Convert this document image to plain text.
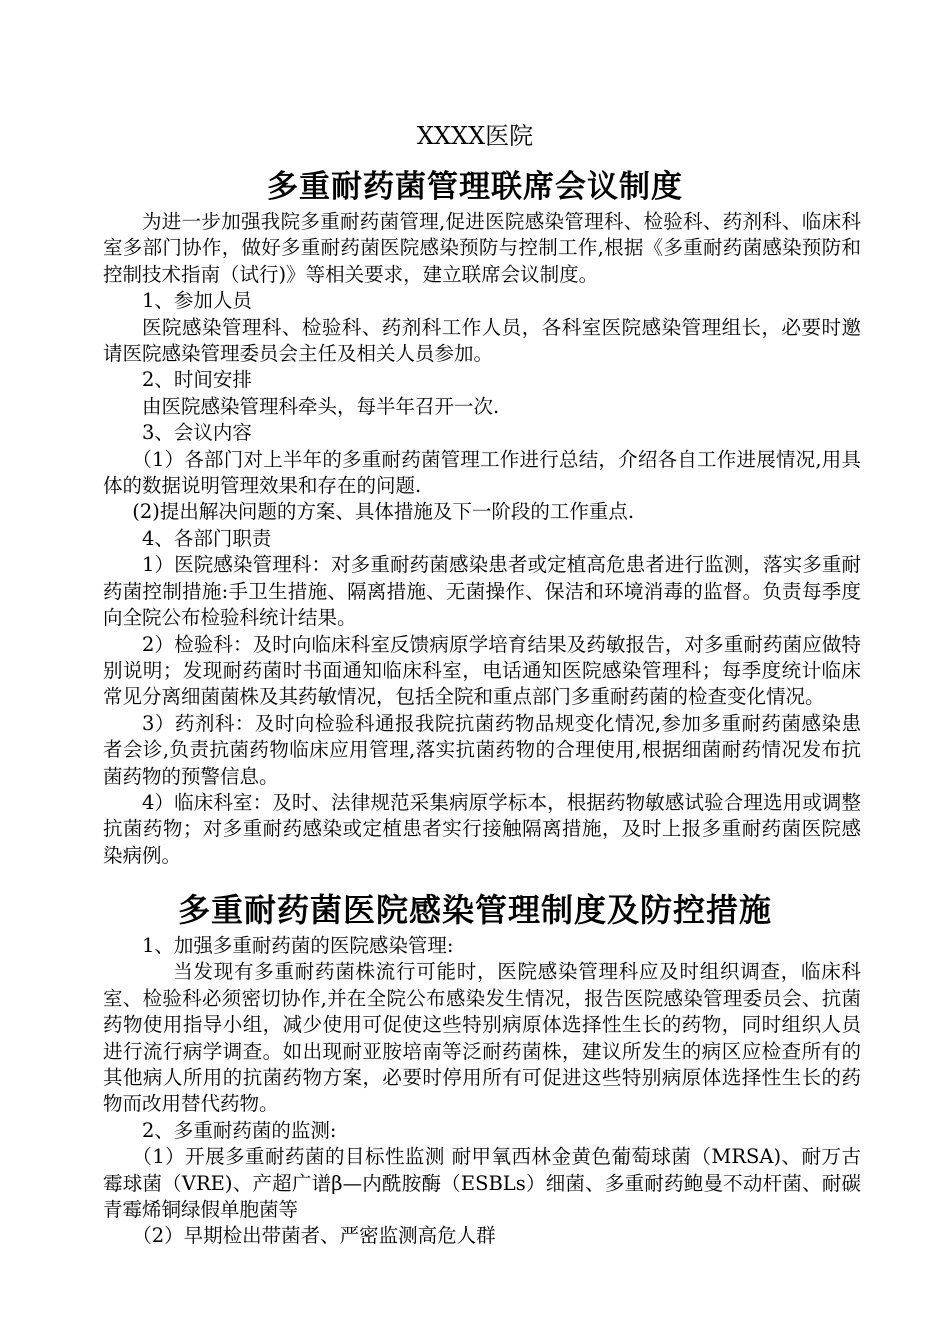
XXXX医院
多重耐药菌管理联席会议制度

为进一步加强我院多重耐药菌管理,促进医院感染管理科、检验科、药剂科、临床科室多部门协作，做好多重耐药菌医院感染预防与控制工作,根据《多重耐药菌感染预防和控制技术指南（试行)》等相关要求，建立联席会议制度。

1、参加人员

医院感染管理科、检验科、药剂科工作人员，各科室医院感染管理组长，必要时邀请医院感染管理委员会主任及相关人员参加。

2、时间安排

由医院感染管理科牵头，每半年召开一次.

3、会议内容

（1）各部门对上半年的多重耐药菌管理工作进行总结，介绍各自工作进展情况,用具体的数据说明管理效果和存在的问题.

(2)提出解决问题的方案、具体措施及下一阶段的工作重点.

4、各部门职责

1）医院感染管理科：对多重耐药菌感染患者或定植高危患者进行监测，落实多重耐药菌控制措施:手卫生措施、隔离措施、无菌操作、保洁和环境消毒的监督。负责每季度向全院公布检验科统计结果。

2）检验科：及时向临床科室反馈病原学培育结果及药敏报告，对多重耐药菌应做特别说明；发现耐药菌时书面通知临床科室，电话通知医院感染管理科；每季度统计临床常见分离细菌菌株及其药敏情况，包括全院和重点部门多重耐药菌的检查变化情况。

3）药剂科：及时向检验科通报我院抗菌药物品规变化情况,参加多重耐药菌感染患者会诊,负责抗菌药物临床应用管理,落实抗菌药物的合理使用,根据细菌耐药情况发布抗菌药物的预警信息。

4）临床科室：及时、法律规范采集病原学标本，根据药物敏感试验合理选用或调整抗菌药物；对多重耐药感染或定植患者实行接触隔离措施，及时上报多重耐药菌医院感染病例。

多重耐药菌医院感染管理制度及防控措施

1、加强多重耐药菌的医院感染管理:

当发现有多重耐药菌株流行可能时，医院感染管理科应及时组织调查，临床科室、检验科必须密切协作,并在全院公布感染发生情况，报告医院感染管理委员会、抗菌药物使用指导小组，减少使用可促使这些特别病原体选择性生长的药物，同时组织人员进行流行病学调查。如出现耐亚胺培南等泛耐药菌株，建议所发生的病区应检查所有的其他病人所用的抗菌药物方案，必要时停用所有可促进这些特别病原体选择性生长的药物而改用替代药物。

2、多重耐药菌的监测:

（1）开展多重耐药菌的目标性监测 耐甲氧西林金黄色葡萄球菌（MRSA)、耐万古霉球菌（VRE)、产超广谱β—内酰胺酶（ESBLs）细菌、多重耐药鲍曼不动杆菌、耐碳青霉烯铜绿假单胞菌等

（2）早期检出带菌者、严密监测高危人群
